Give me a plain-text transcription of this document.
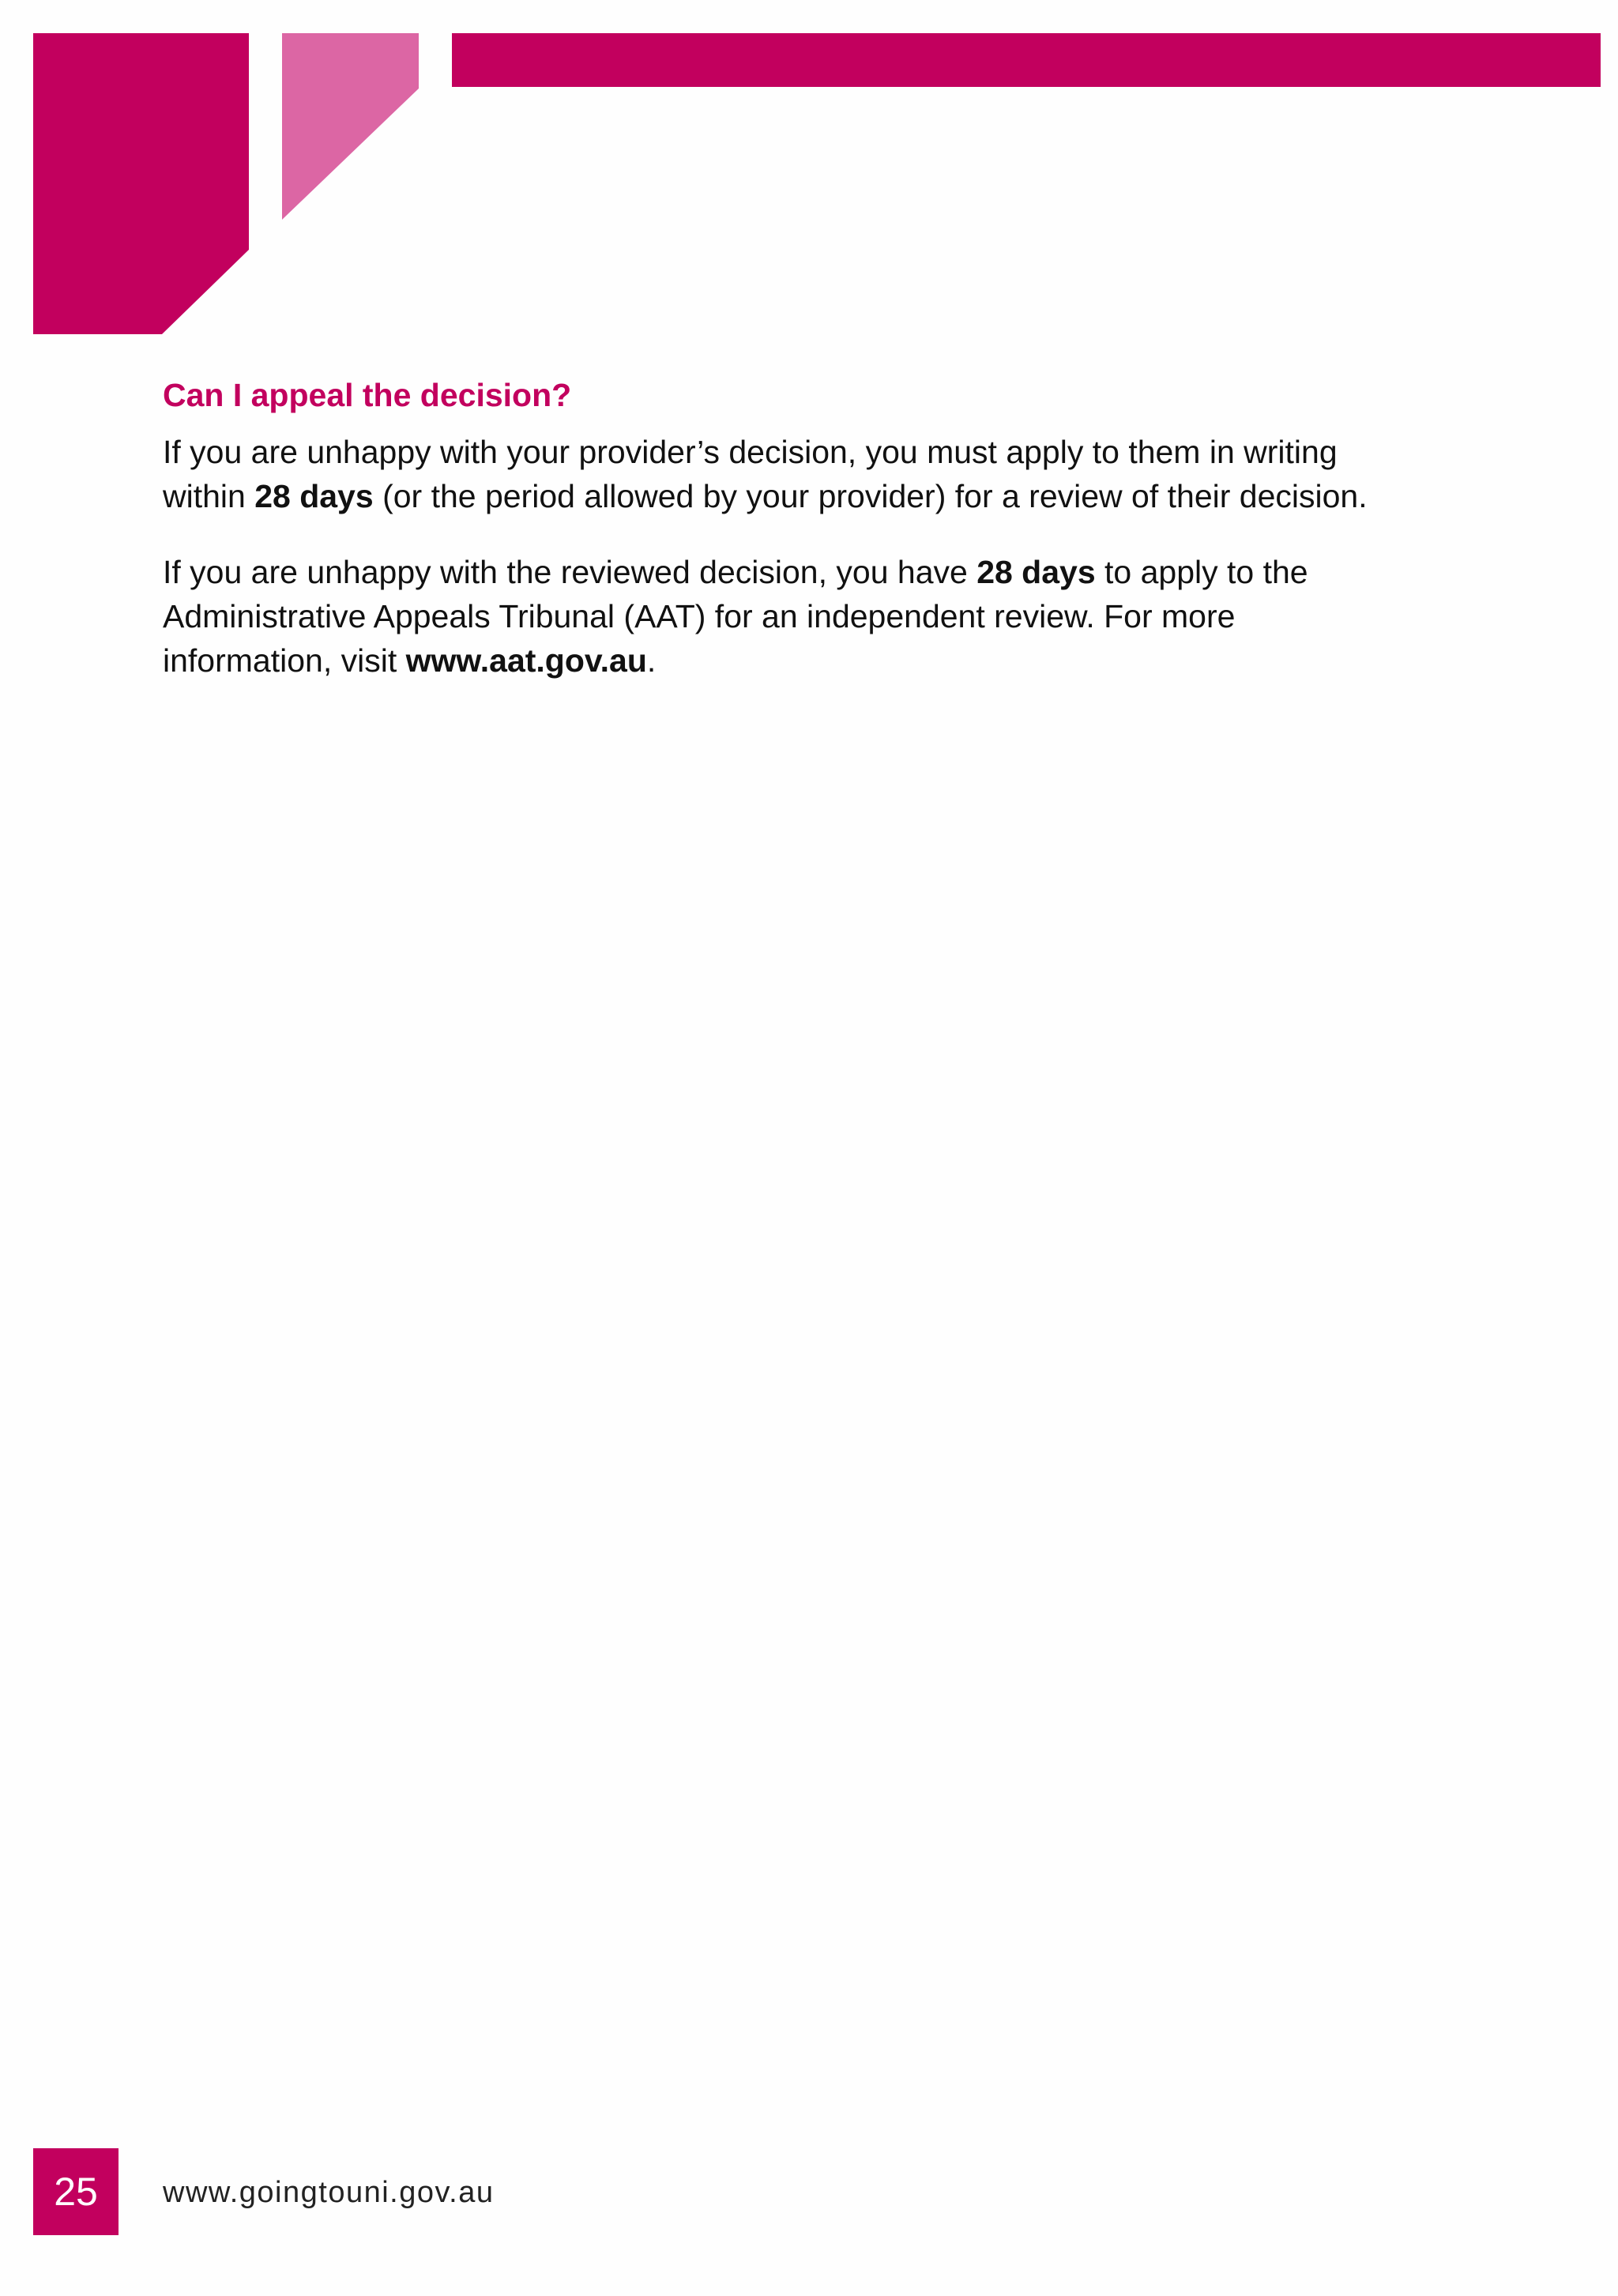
Can I appeal the decision?

If you are unhappy with your provider’s decision, you must apply to them in writing within 28 days (or the period allowed by your provider) for a review of their decision.

If you are unhappy with the reviewed decision, you have 28 days to apply to the Administrative Appeals Tribunal (AAT) for an independent review. For more information, visit www.aat.gov.au.

25	www.goingtouni.gov.au
